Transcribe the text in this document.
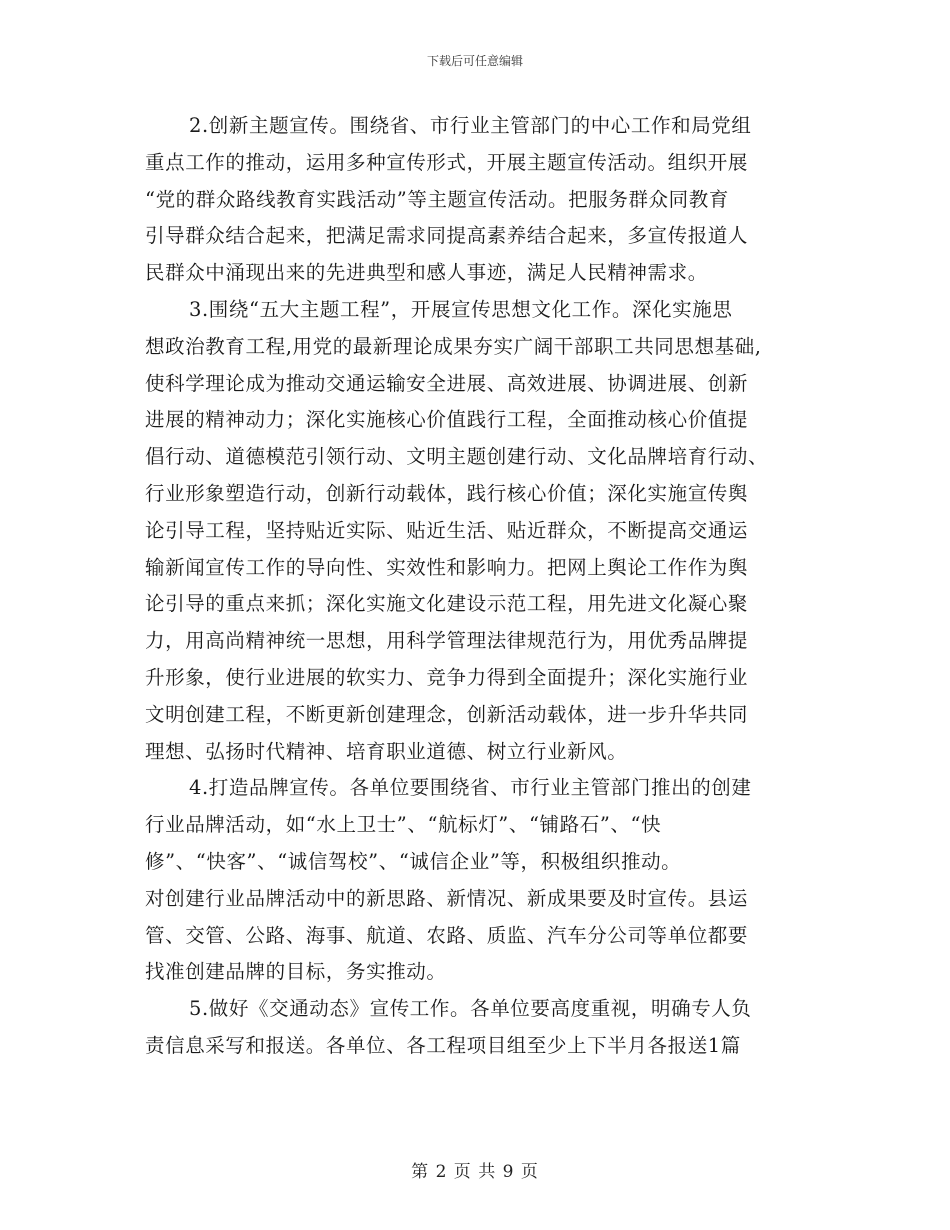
下载后可任意编辑

2.创新主题宣传。围绕省、市行业主管部门的中心工作和局党组

重点工作的推动，运用多种宣传形式，开展主题宣传活动。组织开展

“党的群众路线教育实践活动”等主题宣传活动。把服务群众同教育

引导群众结合起来，把满足需求同提高素养结合起来，多宣传报道人

民群众中涌现出来的先进典型和感人事迹，满足人民精神需求。

3.围绕“五大主题工程”，开展宣传思想文化工作。深化实施思

想政治教育工程,用党的最新理论成果夯实广阔干部职工共同思想基础,

使科学理论成为推动交通运输安全进展、高效进展、协调进展、创新

进展的精神动力；深化实施核心价值践行工程，全面推动核心价值提

倡行动、道德模范引领行动、文明主题创建行动、文化品牌培育行动、

行业形象塑造行动，创新行动载体，践行核心价值；深化实施宣传舆

论引导工程，坚持贴近实际、贴近生活、贴近群众，不断提高交通运

输新闻宣传工作的导向性、实效性和影响力。把网上舆论工作作为舆

论引导的重点来抓；深化实施文化建设示范工程，用先进文化凝心聚

力，用高尚精神统一思想，用科学管理法律规范行为，用优秀品牌提

升形象，使行业进展的软实力、竞争力得到全面提升；深化实施行业

文明创建工程，不断更新创建理念，创新活动载体，进一步升华共同

理想、弘扬时代精神、培育职业道德、树立行业新风。

4.打造品牌宣传。各单位要围绕省、市行业主管部门推出的创建

行业品牌活动，如“水上卫士”、“航标灯”、“铺路石”、“快

修”、“快客”、“诚信驾校”、“诚信企业”等，积极组织推动。

对创建行业品牌活动中的新思路、新情况、新成果要及时宣传。县运

管、交管、公路、海事、航道、农路、质监、汽车分公司等单位都要

找准创建品牌的目标，务实推动。

5.做好《交通动态》宣传工作。各单位要高度重视，明确专人负

责信息采写和报送。各单位、各工程项目组至少上下半月各报送1篇

第 2 页 共 9 页
